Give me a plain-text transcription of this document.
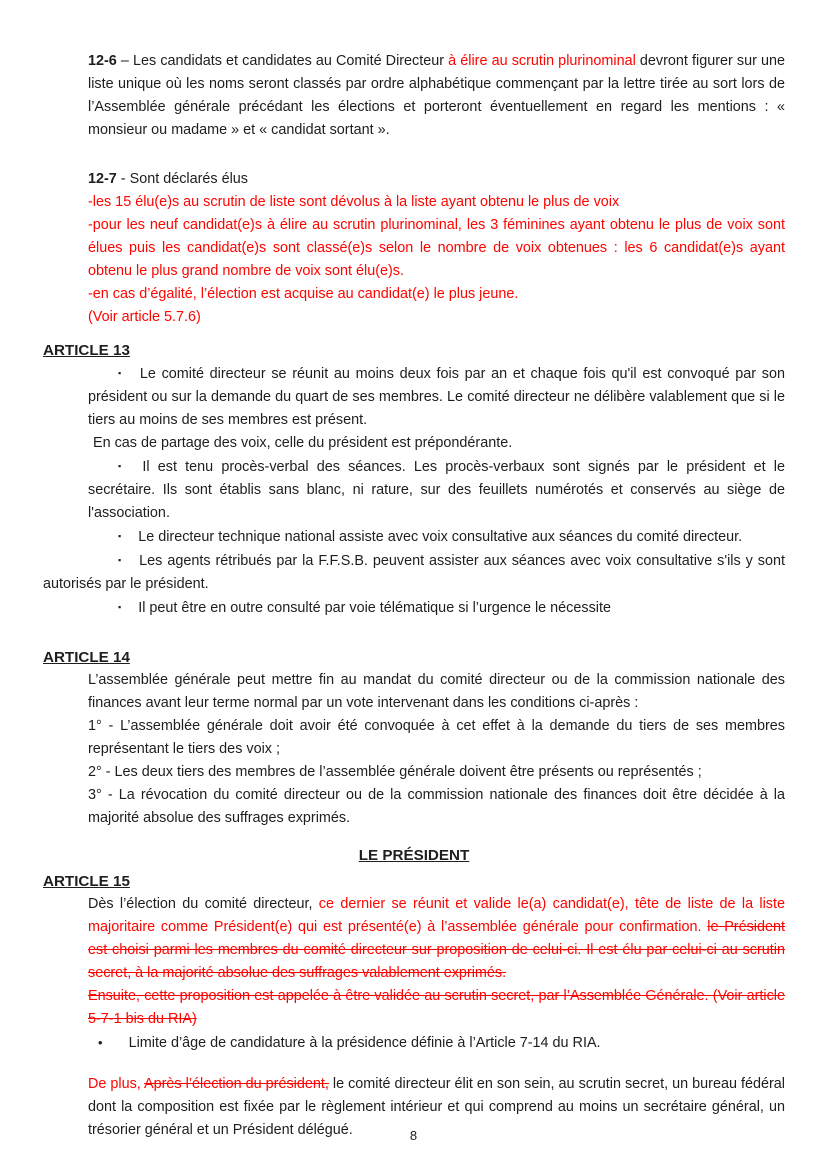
12-6 – Les candidats et candidates au Comité Directeur à élire au scrutin plurinominal devront figurer sur une liste unique où les noms seront classés par ordre alphabétique commençant par la lettre tirée au sort lors de l’Assemblée générale précédant les élections et porteront éventuellement en regard les mentions : « monsieur ou madame » et « candidat sortant ».

12-7 - Sont déclarés élus

-les 15 élu(e)s au scrutin de liste sont dévolus à la liste ayant obtenu le plus de voix

-pour les neuf candidat(e)s à élire au scrutin plurinominal, les 3 féminines ayant obtenu le plus de voix sont élues puis les candidat(e)s sont classé(e)s selon le nombre de voix obtenues : les 6 candidat(e)s ayant obtenu le plus grand nombre de voix sont élu(e)s.

-en cas d’égalité, l’élection est acquise au candidat(e) le plus jeune.

(Voir article 5.7.6)

ARTICLE 13

▪ Le comité directeur se réunit au moins deux fois par an et chaque fois qu'il est convoqué par son président ou sur la demande du quart de ses membres. Le comité directeur ne délibère valablement que si le tiers au moins de ses membres est présent.

En cas de partage des voix, celle du président est prépondérante.

▪ Il est tenu procès-verbal des séances. Les procès-verbaux sont signés par le président et le secrétaire. Ils sont établis sans blanc, ni rature, sur des feuillets numérotés et conservés au siège de l'association.

▪ Le directeur technique national assiste avec voix consultative aux séances du comité directeur.

▪ Les agents rétribués par la F.F.S.B. peuvent assister aux séances avec voix consultative s'ils y sont autorisés par le président.

▪ Il peut être en outre consulté par voie télématique si l’urgence le nécessite

ARTICLE 14

L’assemblée générale peut mettre fin au mandat du comité directeur ou de la commission nationale des finances avant leur terme normal par un vote intervenant dans les conditions ci-après :

1° - L’assemblée générale doit avoir été convoquée à cet effet à la demande du tiers de ses membres représentant le tiers des voix ;

2° - Les deux tiers des membres de l’assemblée générale doivent être présents ou représentés ;

3° - La révocation du comité directeur ou de la commission nationale des finances doit être décidée à la majorité absolue des suffrages exprimés.

LE PRÉSIDENT

ARTICLE 15

Dès l’élection du comité directeur, ce dernier se réunit et valide le(a) candidat(e), tête de liste de la liste majoritaire comme Président(e) qui est présenté(e) à l’assemblée générale pour confirmation. le Président est choisi parmi les membres du comité directeur sur proposition de celui-ci. Il est élu par celui-ci au scrutin secret, à la majorité absolue des suffrages valablement exprimés.

Ensuite, cette proposition est appelée à être validée au scrutin secret, par l’Assemblée Générale. (Voir article 5-7-1 bis du RIA)

• Limite d’âge de candidature à la présidence définie à l’Article 7-14 du RIA.

De plus, Après l’élection du président, le comité directeur élit en son sein, au scrutin secret, un bureau fédéral dont la composition est fixée par le règlement intérieur et qui comprend au moins un secrétaire général, un trésorier général et un Président délégué.	8
